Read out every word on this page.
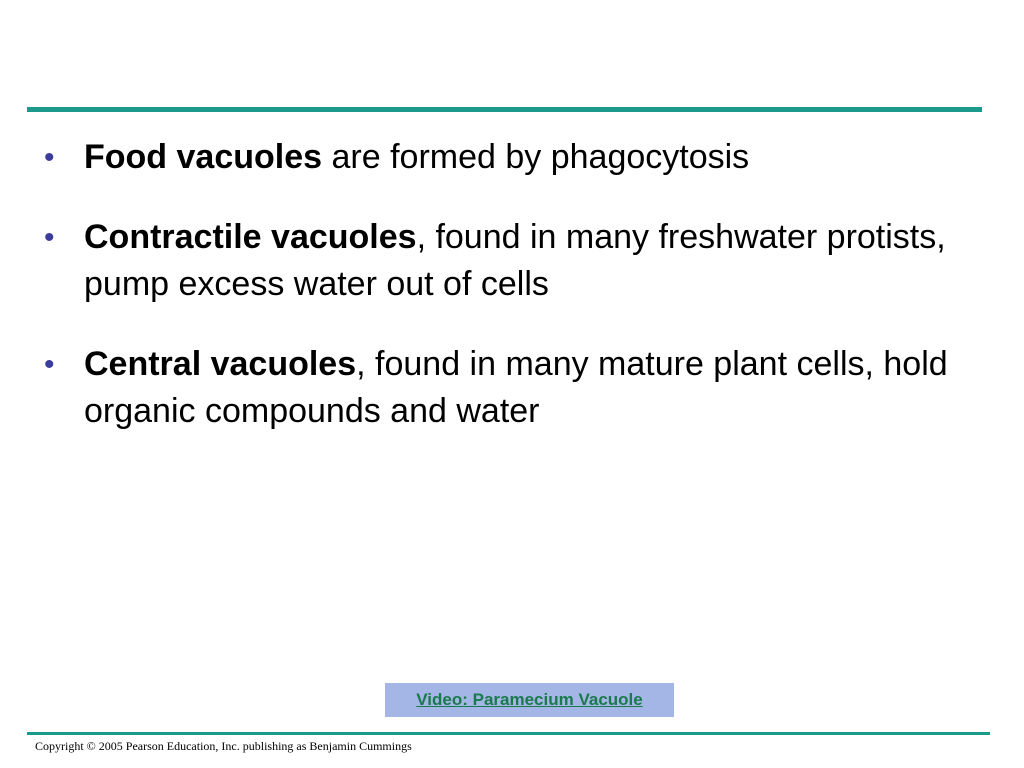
• Food vacuoles are formed by phagocytosis
• Contractile vacuoles, found in many freshwater protists, pump excess water out of cells
• Central vacuoles, found in many mature plant cells, hold organic compounds and water
Video: Paramecium Vacuole
Copyright © 2005 Pearson Education, Inc. publishing as Benjamin Cummings
